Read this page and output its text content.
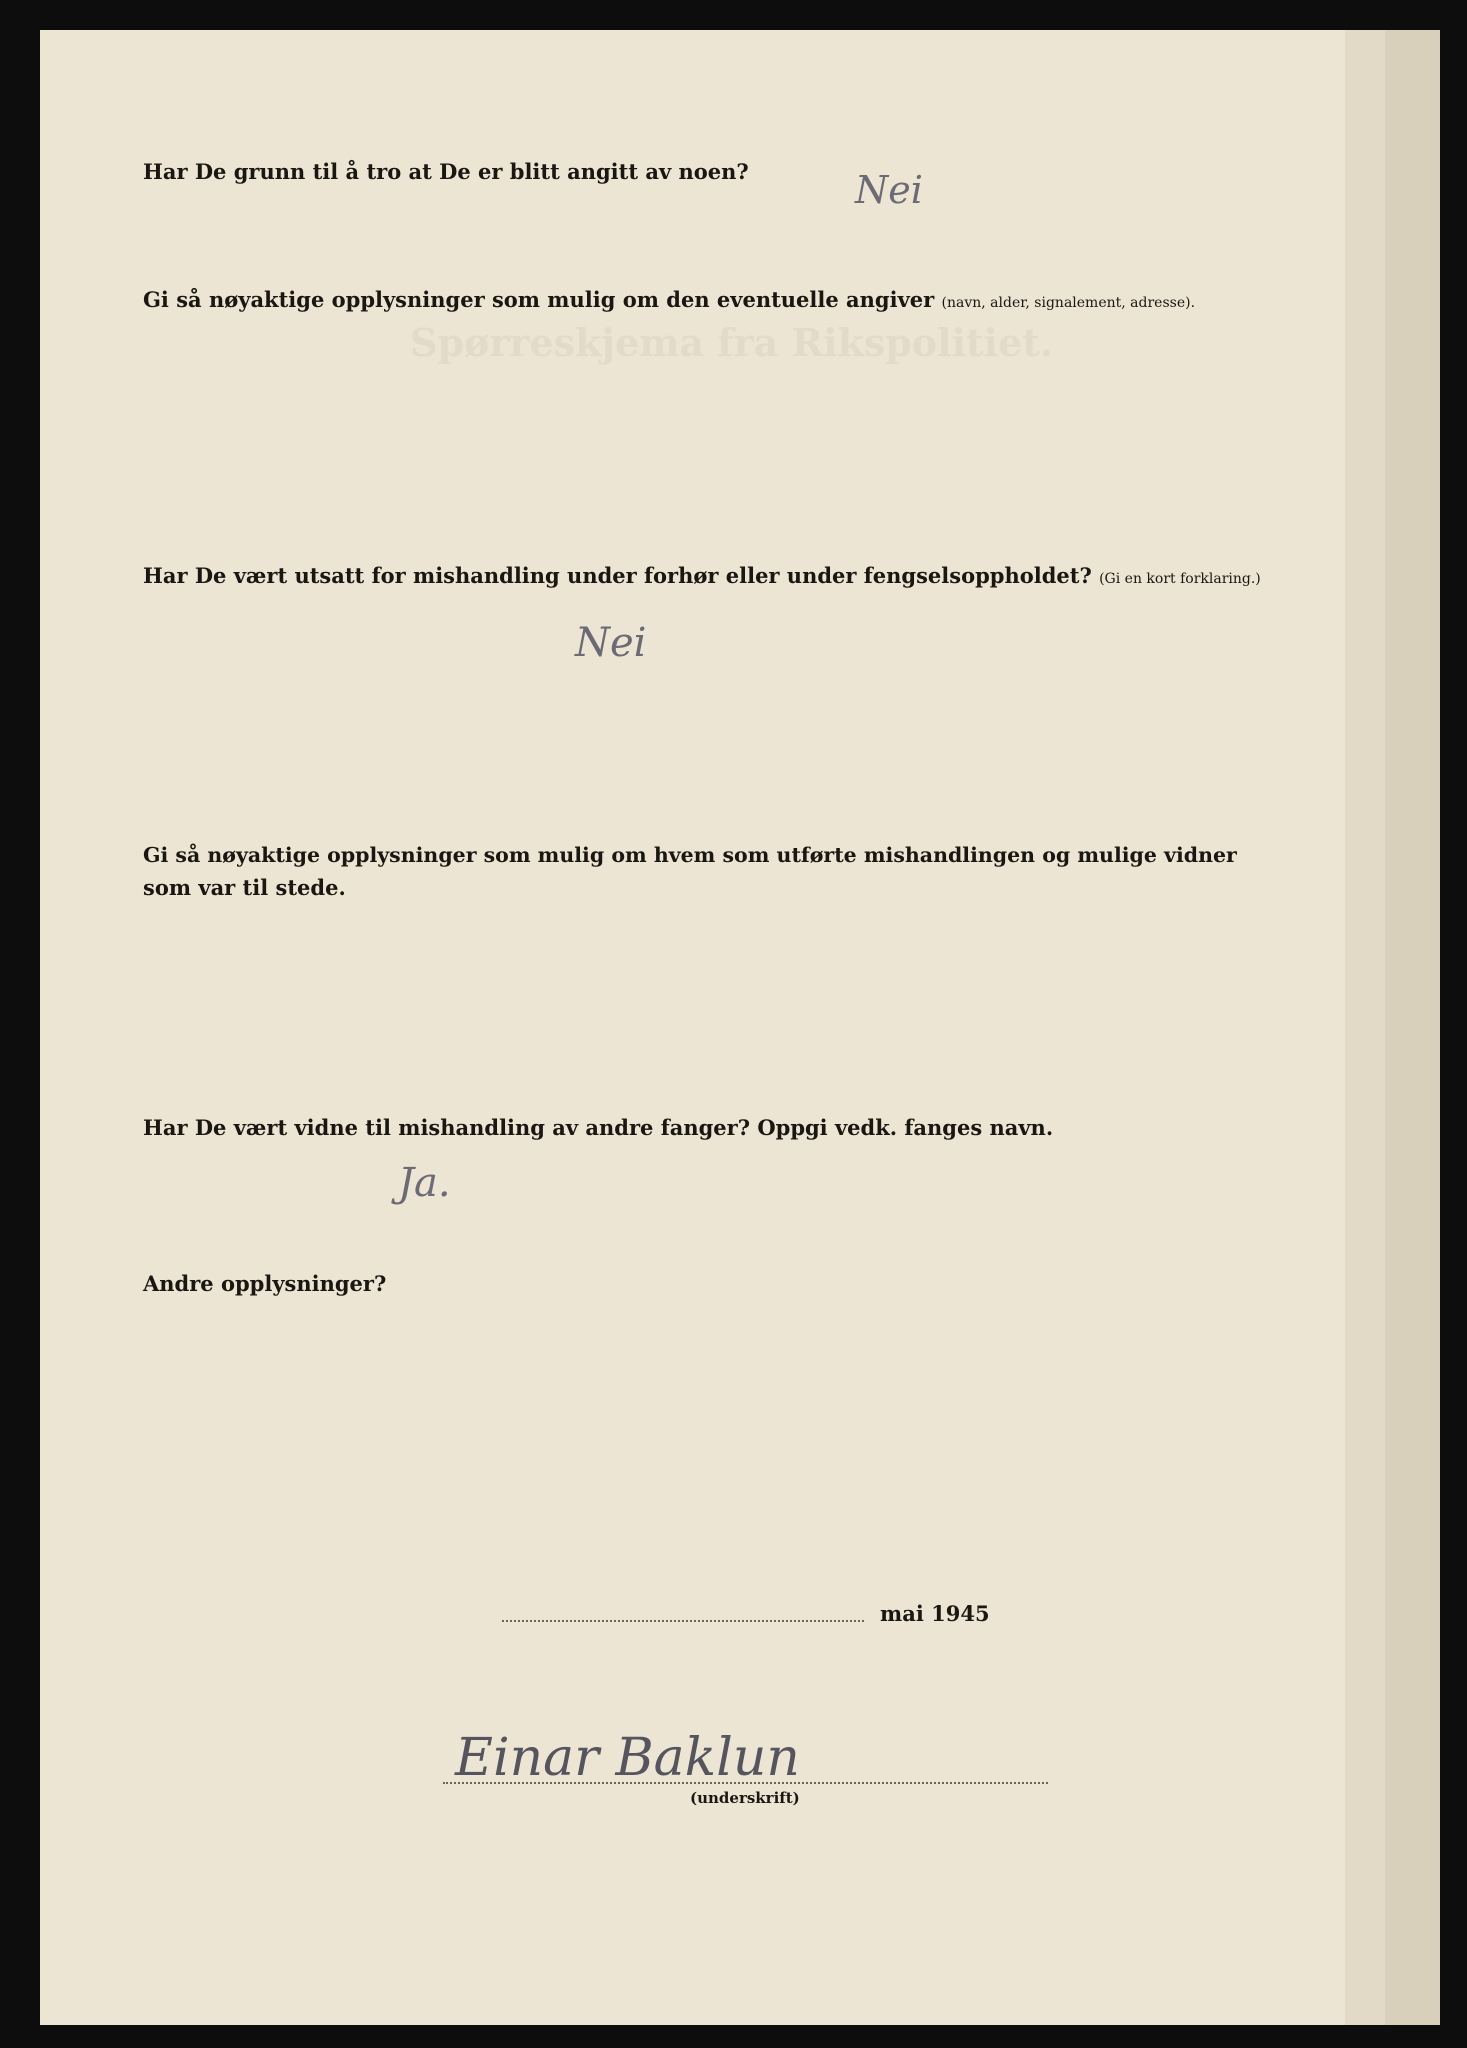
Spørreskjema fra Rikspolitiet.
Har De grunn til å tro at De er blitt angitt av noen?	Nei
Gi så nøyaktige opplysninger som mulig om den eventuelle angiver (navn, alder, signalement, adresse).
Har De vært utsatt for mishandling under forhør eller under fengselsoppholdet? (Gi en kort forklaring.)
Nei
Gi så nøyaktige opplysninger som mulig om hvem som utførte mishandlingen og mulige vidner
som var til stede.
Har De vært vidne til mishandling av andre fanger? Oppgi vedk. fanges navn.
Ja.
Andre opplysninger?
mai 1945
Einar Baklun
(underskrift)
